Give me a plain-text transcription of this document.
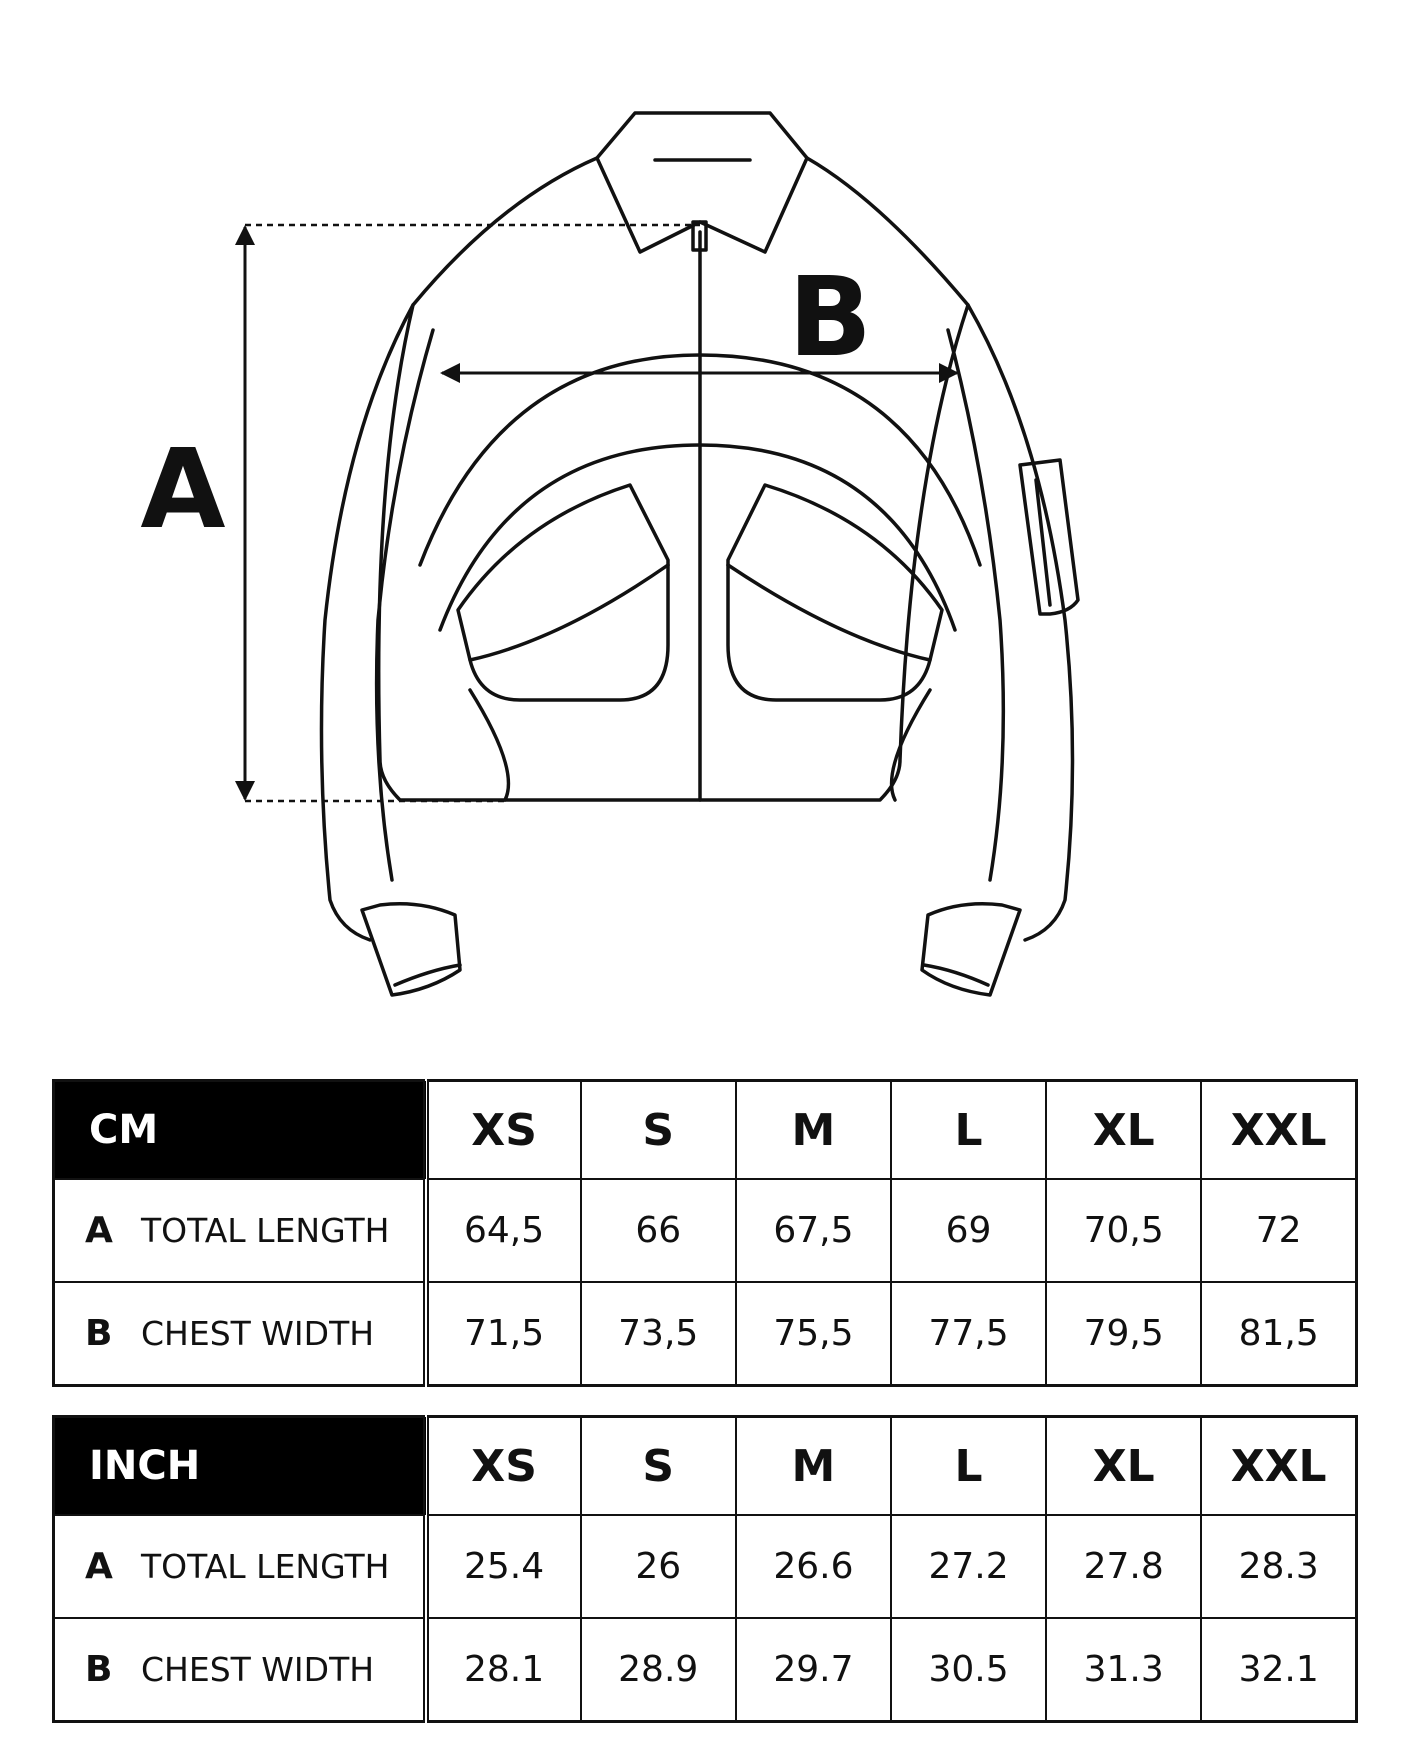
A
B
CM	XS	S	M	L	XL	XXL
A TOTAL LENGTH	64,5	66	67,5	69	70,5	72
B CHEST WIDTH	71,5	73,5	75,5	77,5	79,5	81,5
INCH	XS	S	M	L	XL	XXL
A TOTAL LENGTH	25.4	26	26.6	27.2	27.8	28.3
B CHEST WIDTH	28.1	28.9	29.7	30.5	31.3	32.1
